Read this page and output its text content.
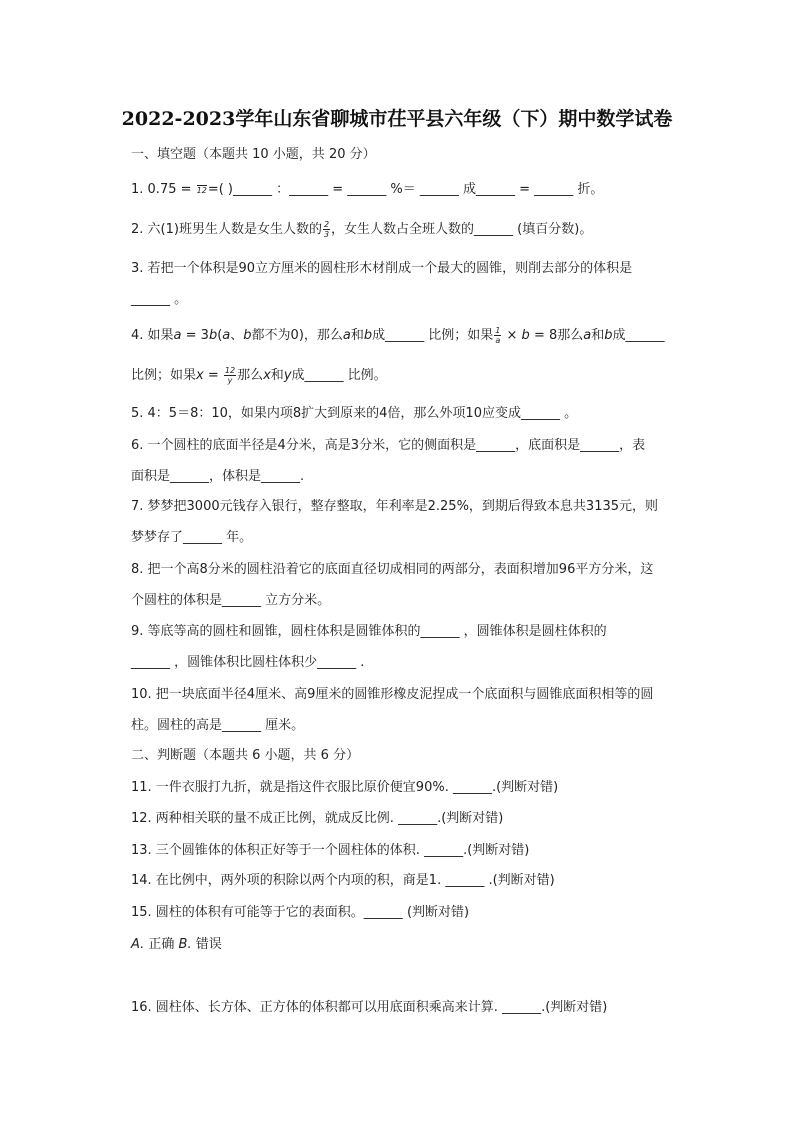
2022-2023学年山东省聊城市茌平县六年级（下）期中数学试卷
一、填空题（本题共 10 小题，共 20 分）
1. 0.75 = 12 =( )______ ：______ = ______ %＝ ______ 成______ = ______ 折。
2. 六(1)班男生人数是女生人数的 $\frac{2}{3}$ ，女生人数占全班人数的______ (填百分数)。
3. 若把一个体积是90立方厘米的圆柱形木材削成一个最大的圆锥，则削去部分的体积是
______ 。
4. 如果a = 3b(a、b都不为0)，那么a和b成______ 比例；如果 $\frac{1}{a} \times b = 8$那么a和b成______
比例；如果$x = \frac{12}{y}$ 那么x和y成______ 比例。
5. 4：5＝8：10，如果内项8扩大到原来的4倍，那么外项10应变成______ 。
6. 一个圆柱的底面半径是4分米，高是3分米，它的侧面积是______，底面积是______，表
面积是______，体积是______.
7. 梦梦把3000元钱存入银行，整存整取，年利率是2.25%，到期后得致本息共3135元，则
梦梦存了______ 年。
8. 把一个高8分米的圆柱沿着它的底面直径切成相同的两部分，表面积增加96平方分米，这
个圆柱的体积是______ 立方分米。
9. 等底等高的圆柱和圆锥，圆柱体积是圆锥体积的______ ，圆锥体积是圆柱体积的
______ ，圆锥体积比圆柱体积少______ .
10. 把一块底面半径4厘米、高9厘米的圆锥形橡皮泥捏成一个底面积与圆锥底面积相等的圆
柱。圆柱的高是______ 厘米。
二、判断题（本题共 6 小题，共 6 分）
11. 一件衣服打九折，就是指这件衣服比原价便宜90%. ______.(判断对错)
12. 两种相关联的量不成正比例，就成反比例. ______.(判断对错)
13. 三个圆锥体的体积正好等于一个圆柱体的体积. ______.(判断对错)
14. 在比例中，两外项的积除以两个内项的积，商是1. ______ .(判断对错)
15. 圆柱的体积有可能等于它的表面积。______ (判断对错)
A. 正确 B. 错误
16. 圆柱体、长方体、正方体的体积都可以用底面积乘高来计算. ______.(判断对错)
